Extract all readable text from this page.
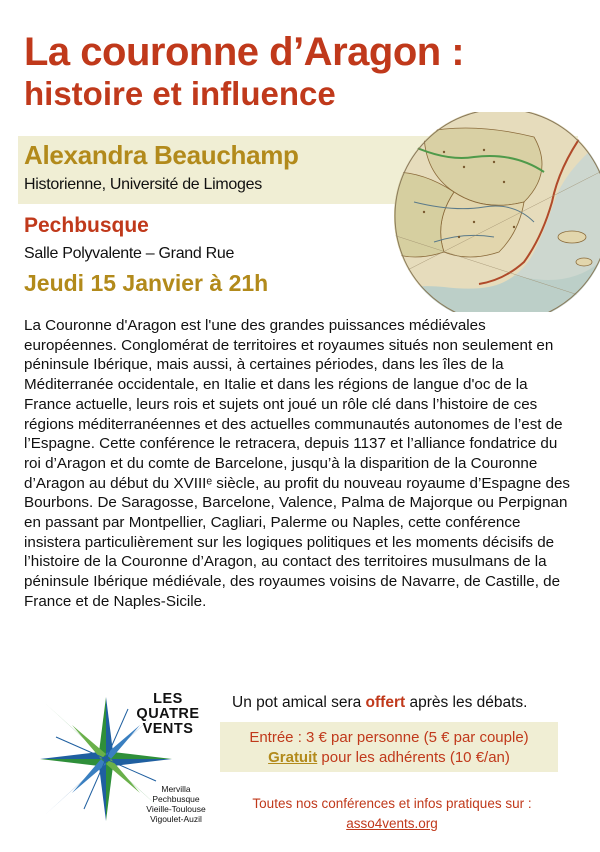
La couronne d’Aragon :
histoire et influence
Alexandra Beauchamp
Historienne, Université de Limoges
Pechbusque
Salle Polyvalente – Grand Rue
Jeudi 15 Janvier à 21h

La Couronne d'Aragon est l'une des grandes puissances médiévales européennes. Conglomérat de territoires et royaumes situés non seulement en péninsule Ibérique, mais aussi, à certaines périodes, dans les îles de la Méditerranée occidentale, en Italie et dans les régions de langue d'oc de la France actuelle, leurs rois et sujets ont joué un rôle clé dans l’histoire de ces régions méditerranéennes et des actuelles communautés autonomes de l’est de l’Espagne. Cette conférence le retracera, depuis 1137 et l’alliance fondatrice du roi d’Aragon et du comte de Barcelone, jusqu’à la disparition de la Couronne d’Aragon au début du XVIIIᵉ siècle, au profit du nouveau royaume d’Espagne des Bourbons. De Saragosse, Barcelone, Valence, Palma de Majorque ou Perpignan en passant par Montpellier, Cagliari, Palerme ou Naples, cette conférence insistera particulièrement sur les logiques politiques et les moments décisifs de l’histoire de la Couronne d’Aragon, au contact des territoires musulmans de la péninsule Ibérique médiévale, des royaumes voisins de Navarre, de Castille, de France et de Naples-Sicile.

LES
QUATRE
VENTS
Mervilla
Pechbusque
Vieille-Toulouse
Vigoulet-Auzil
Un pot amical sera offert après les débats.
Entrée : 3 € par personne (5 € par couple)
Gratuit pour les adhérents (10 €/an)
Toutes nos conférences et infos pratiques sur :
asso4vents.org
